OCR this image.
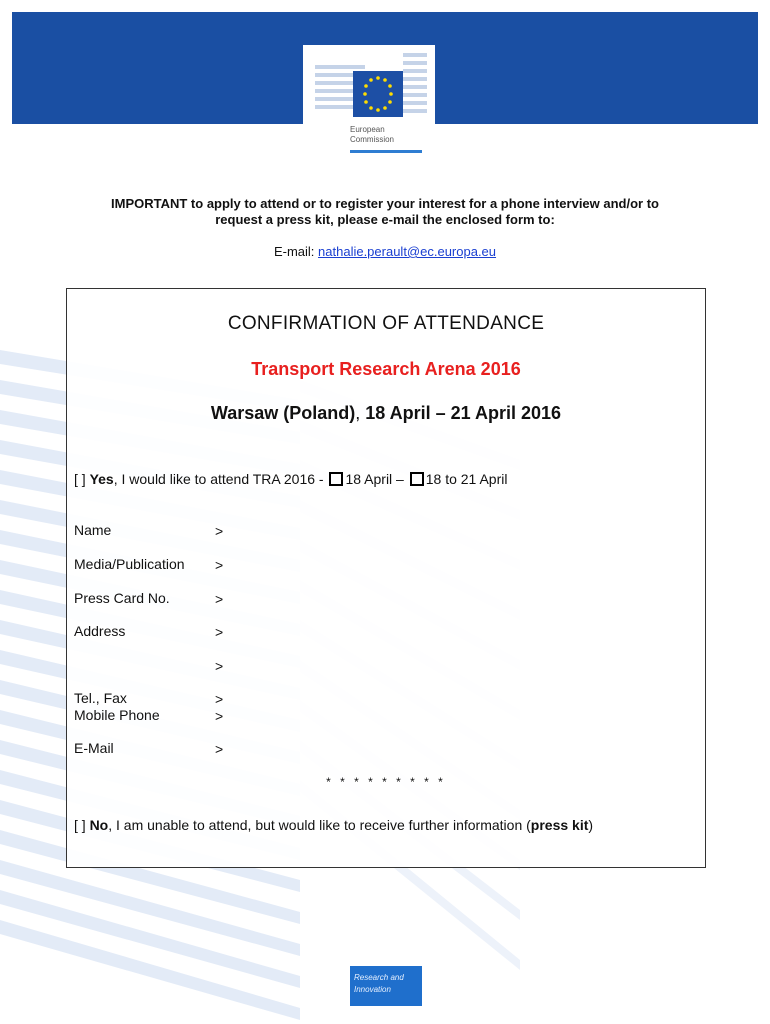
European
Commission
IMPORTANT to apply to attend or to register your interest for a phone interview and/or to
request a press kit, please e-mail the enclosed form to:
E-mail: nathalie.perault@ec.europa.eu
CONFIRMATION OF ATTENDANCE
Transport Research Arena 2016
Warsaw (Poland), 18 April – 21 April 2016
[ ] Yes, I would like to attend TRA 2016 - 18 April – 18 to 21 April
Name	>
Media/Publication >
Press Card No.	>
Address	>
>
Tel., Fax	>
Mobile Phone	>
E-Mail	>
* * * * * * * * *
[ ] No, I am unable to attend, but would like to receive further information (press kit)
Research and
Innovation
